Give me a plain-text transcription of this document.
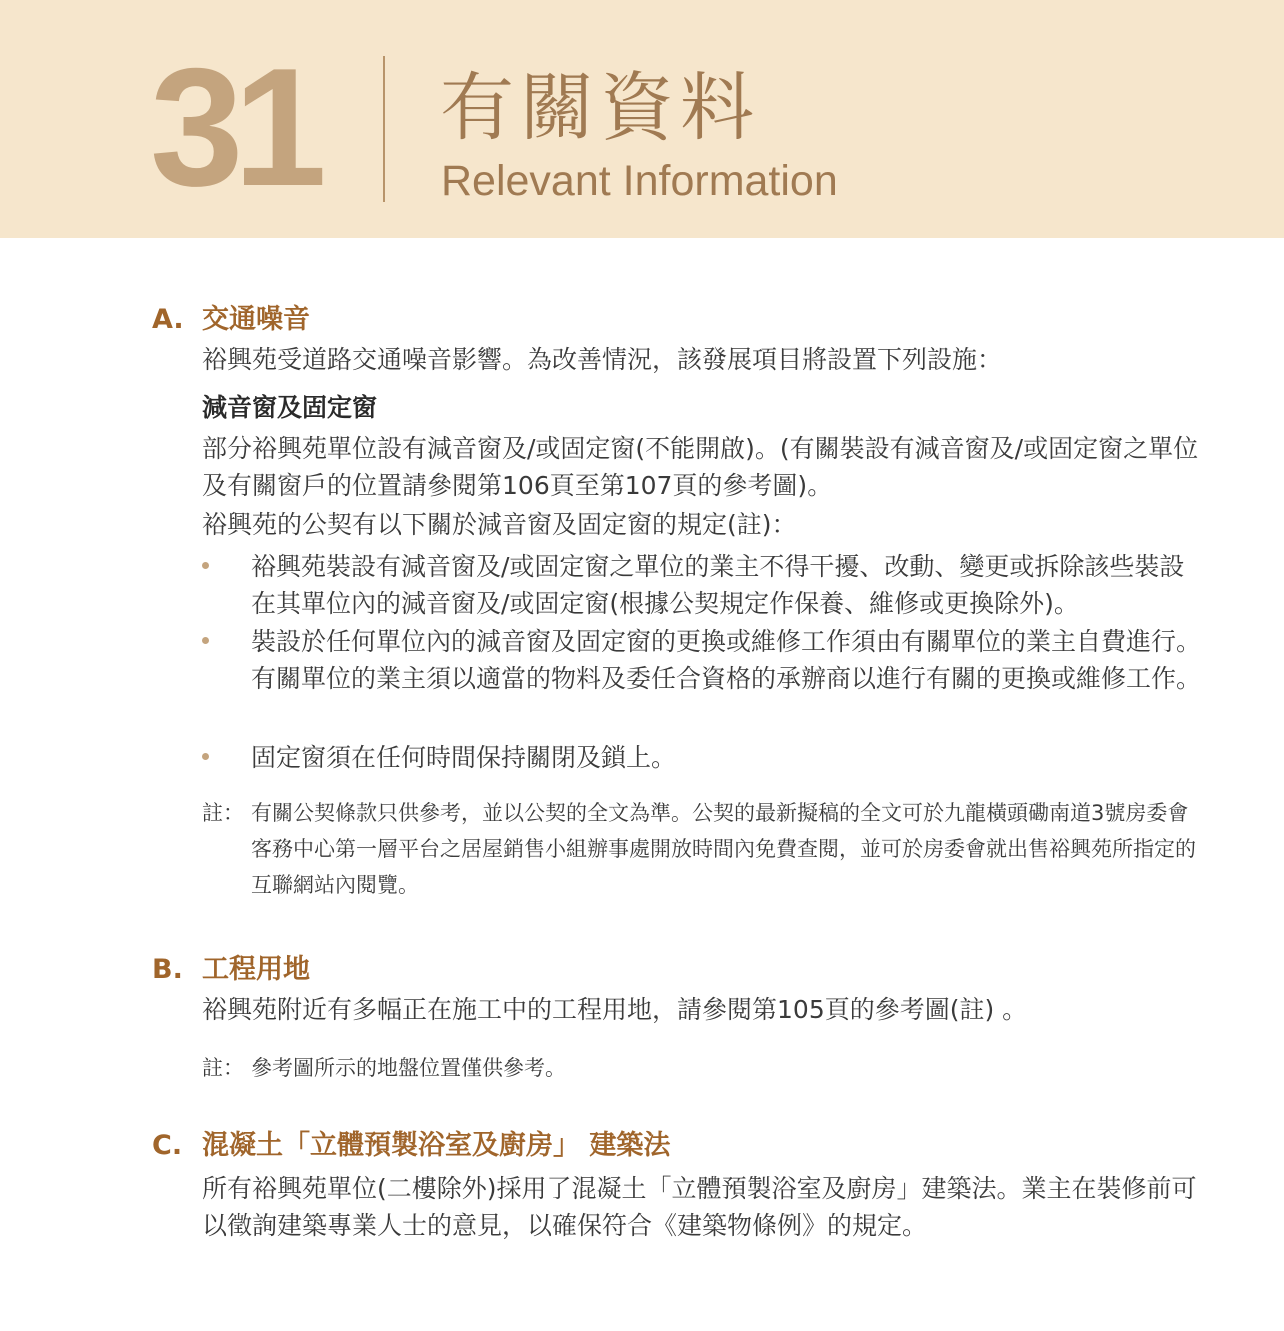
31 有關資料
Relevant Information
A. 交通噪音
裕興苑受道路交通噪音影響。為改善情況，該發展項目將設置下列設施：
減音窗及固定窗
部分裕興苑單位設有減音窗及/或固定窗(不能開啟)。(有關裝設有減音窗及/或固定窗之單位及有關窗戶的位置請參閱第106頁至第107頁的參考圖)。
裕興苑的公契有以下關於減音窗及固定窗的規定(註)：
裕興苑裝設有減音窗及/或固定窗之單位的業主不得干擾、改動、變更或拆除該些裝設在其單位內的減音窗及/或固定窗(根據公契規定作保養、維修或更換除外)。
裝設於任何單位內的減音窗及固定窗的更換或維修工作須由有關單位的業主自費進行。有關單位的業主須以適當的物料及委任合資格的承辦商以進行有關的更換或維修工作。
固定窗須在任何時間保持關閉及鎖上。
註： 有關公契條款只供參考，並以公契的全文為準。公契的最新擬稿的全文可於九龍橫頭磡南道3號房委會客務中心第一層平台之居屋銷售小組辦事處開放時間內免費查閱，並可於房委會就出售裕興苑所指定的互聯網站內閱覽。
B. 工程用地
裕興苑附近有多幅正在施工中的工程用地，請參閱第105頁的參考圖(註) 。
註： 參考圖所示的地盤位置僅供參考。
C. 混凝土「立體預製浴室及廚房」 建築法
所有裕興苑單位(二樓除外)採用了混凝土「立體預製浴室及廚房」建築法。業主在裝修前可以徵詢建築專業人士的意見，以確保符合《建築物條例》的規定。
